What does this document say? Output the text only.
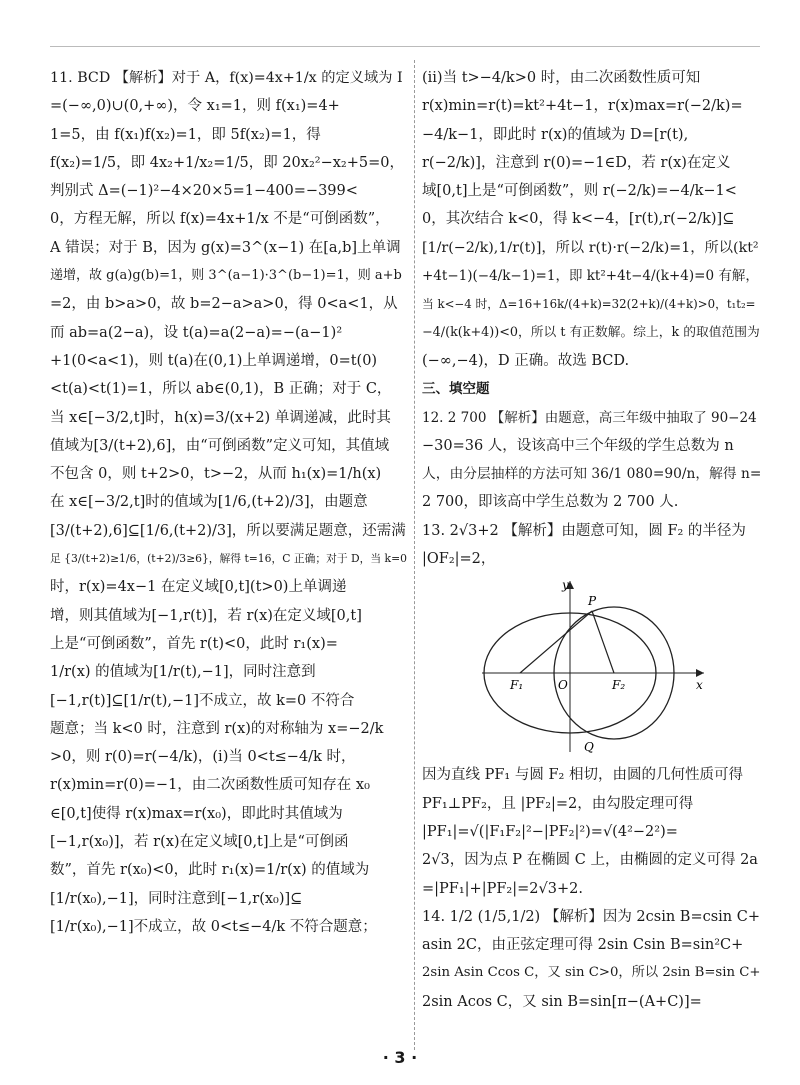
11. BCD 【解析】对于 A，f(x)=4x+1/x 的定义域为 I
=(−∞,0)∪(0,+∞)，令 x₁=1，则 f(x₁)=4+
1=5，由 f(x₁)f(x₂)=1，即 5f(x₂)=1，得
f(x₂)=1/5，即 4x₂+1/x₂=1/5，即 20x₂²−x₂+5=0，
判别式 Δ=(−1)²−4×20×5=1−400=−399<
0，方程无解，所以 f(x)=4x+1/x 不是“可倒函数”，
A 错误；对于 B，因为 g(x)=3^(x−1) 在[a,b]上单调
递增，故 g(a)g(b)=1，则 3^(a−1)·3^(b−1)=1，则 a+b
=2，由 b>a>0，故 b=2−a>a>0，得 0<a<1，从
而 ab=a(2−a)，设 t(a)=a(2−a)=−(a−1)²
+1(0<a<1)，则 t(a)在(0,1)上单调递增，0=t(0)
<t(a)<t(1)=1，所以 ab∈(0,1)，B 正确；对于 C，
当 x∈[−3/2,t]时，h(x)=3/(x+2) 单调递减，此时其
值域为[3/(t+2),6]，由“可倒函数”定义可知，其值域
不包含 0，则 t+2>0，t>−2，从而 h₁(x)=1/h(x)
在 x∈[−3/2,t]时的值域为[1/6,(t+2)/3]，由题意
[3/(t+2),6]⊆[1/6,(t+2)/3]，所以要满足题意，还需满
足 {3/(t+2)≥1/6，(t+2)/3≥6}，解得 t=16，C 正确；对于 D，当 k=0
时，r(x)=4x−1 在定义域[0,t](t>0)上单调递
增，则其值域为[−1,r(t)]，若 r(x)在定义域[0,t]
上是“可倒函数”，首先 r(t)<0，此时 r₁(x)=
1/r(x) 的值域为[1/r(t),−1]，同时注意到
[−1,r(t)]⊆[1/r(t),−1]不成立，故 k=0 不符合
题意；当 k<0 时，注意到 r(x)的对称轴为 x=−2/k
>0，则 r(0)=r(−4/k)，(ⅰ)当 0<t≤−4/k 时，
r(x)min=r(0)=−1，由二次函数性质可知存在 x₀
∈[0,t]使得 r(x)max=r(x₀)，即此时其值域为
[−1,r(x₀)]，若 r(x)在定义域[0,t]上是“可倒函
数”，首先 r(x₀)<0，此时 r₁(x)=1/r(x) 的值域为
[1/r(x₀),−1]，同时注意到[−1,r(x₀)]⊆
[1/r(x₀),−1]不成立，故 0<t≤−4/k 不符合题意；
(ⅱ)当 t>−4/k>0 时，由二次函数性质可知
r(x)min=r(t)=kt²+4t−1，r(x)max=r(−2/k)=
−4/k−1，即此时 r(x)的值域为 D=[r(t),
r(−2/k)]，注意到 r(0)=−1∈D，若 r(x)在定义
域[0,t]上是“可倒函数”，则 r(−2/k)=−4/k−1<
0，其次结合 k<0，得 k<−4，[r(t),r(−2/k)]⊆
[1/r(−2/k),1/r(t)]，所以 r(t)·r(−2/k)=1，所以(kt²
+4t−1)(−4/k−1)=1，即 kt²+4t−4/(k+4)=0 有解，
当 k<−4 时，Δ=16+16k/(4+k)=32(2+k)/(4+k)>0，t₁t₂=
−4/(k(k+4))<0，所以 t 有正数解。综上，k 的取值范围为
(−∞,−4)，D 正确。故选 BCD.
三、填空题
12. 2 700 【解析】由题意，高三年级中抽取了 90−24
−30=36 人，设该高中三个年级的学生总数为 n
人，由分层抽样的方法可知 36/1 080=90/n，解得 n=
2 700，即该高中学生总数为 2 700 人.
13. 2√3+2 【解析】由题意可知，圆 F₂ 的半径为
|OF₂|=2，
y
x
P
Q
F₁	O	F₂
因为直线 PF₁ 与圆 F₂ 相切，由圆的几何性质可得
PF₁⊥PF₂，且 |PF₂|=2，由勾股定理可得
|PF₁|=√(|F₁F₂|²−|PF₂|²)=√(4²−2²)=
2√3，因为点 P 在椭圆 C 上，由椭圆的定义可得 2a
=|PF₁|+|PF₂|=2√3+2.
14. 1/2 (1/5,1/2) 【解析】因为 2csin B=csin C+
asin 2C，由正弦定理可得 2sin Csin B=sin²C+
2sin Asin Ccos C，又 sin C>0，所以 2sin B=sin C+
2sin Acos C，又 sin B=sin[π−(A+C)]=
· 3 ·
